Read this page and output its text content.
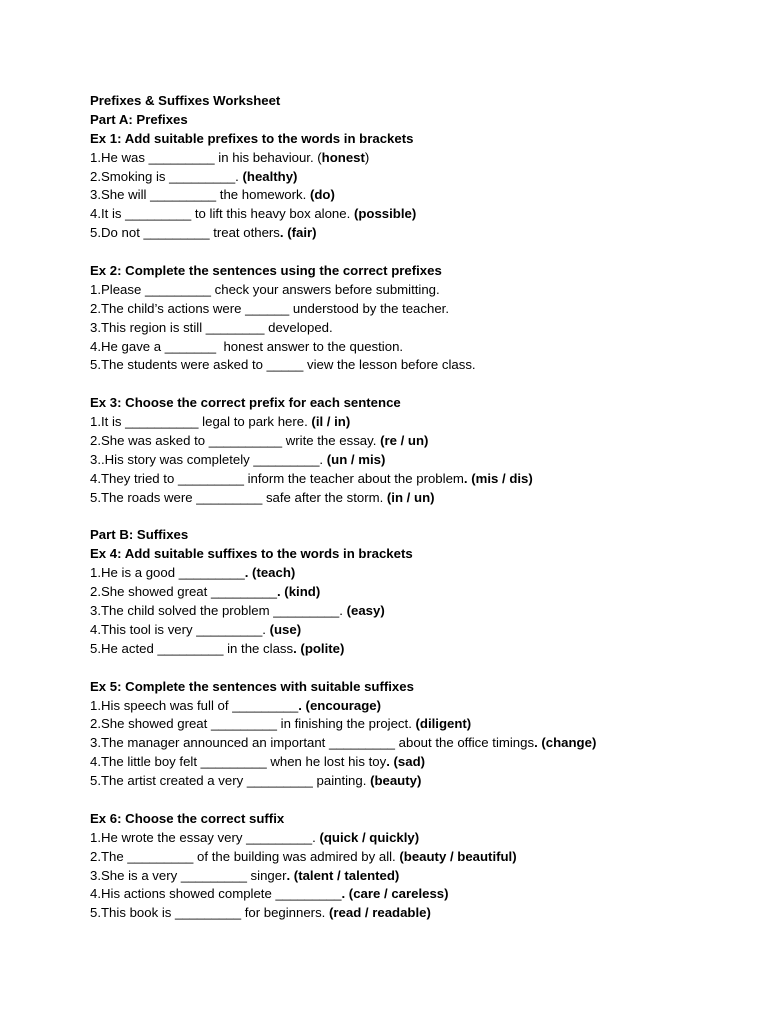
Prefixes & Suffixes Worksheet
Part A: Prefixes
Ex 1: Add suitable prefixes to the words in brackets
1.He was _________ in his behaviour. (honest)
2.Smoking is _________. (healthy)
3.She will _________ the homework. (do)
4.It is _________ to lift this heavy box alone. (possible)
5.Do not _________ treat others. (fair)
Ex 2: Complete the sentences using the correct prefixes
1.Please _________ check your answers before submitting.
2.The child’s actions were ______ understood by the teacher.
3.This region is still ________ developed.
4.He gave a _______  honest answer to the question.
5.The students were asked to _____ view the lesson before class.
Ex 3: Choose the correct prefix for each sentence
1.It is __________ legal to park here. (il / in)
2.She was asked to __________ write the essay. (re / un)
3..His story was completely _________. (un / mis)
4.They tried to _________ inform the teacher about the problem. (mis / dis)
5.The roads were _________ safe after the storm. (in / un)
Part B: Suffixes
Ex 4: Add suitable suffixes to the words in brackets
1.He is a good _________. (teach)
2.She showed great _________. (kind)
3.The child solved the problem _________. (easy)
4.This tool is very _________. (use)
5.He acted _________ in the class. (polite)
Ex 5: Complete the sentences with suitable suffixes
1.His speech was full of _________. (encourage)
2.She showed great _________ in finishing the project. (diligent)
3.The manager announced an important _________ about the office timings. (change)
4.The little boy felt _________ when he lost his toy. (sad)
5.The artist created a very _________ painting. (beauty)
Ex 6: Choose the correct suffix
1.He wrote the essay very _________. (quick / quickly)
2.The _________ of the building was admired by all. (beauty / beautiful)
3.She is a very _________ singer. (talent / talented)
4.His actions showed complete _________. (care / careless)
5.This book is _________ for beginners. (read / readable)
